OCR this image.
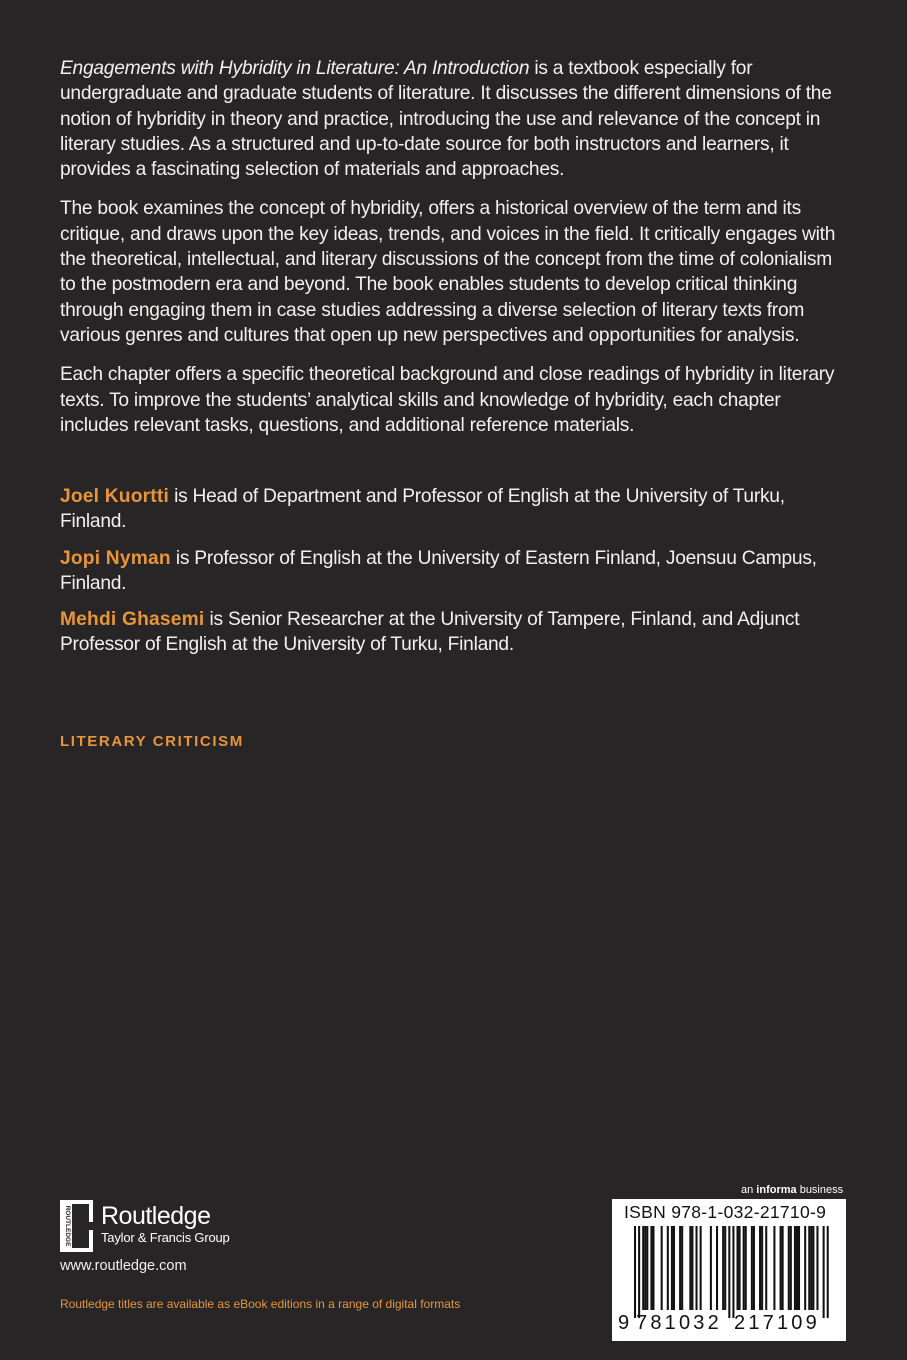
Engagements with Hybridity in Literature: An Introduction is a textbook especially for undergraduate and graduate students of literature. It discusses the different dimensions of the notion of hybridity in theory and practice, introducing the use and relevance of the concept in literary studies. As a structured and up-to-date source for both instructors and learners, it provides a fascinating selection of materials and approaches.

The book examines the concept of hybridity, offers a historical overview of the term and its critique, and draws upon the key ideas, trends, and voices in the field. It critically engages with the theoretical, intellectual, and literary discussions of the concept from the time of colonialism to the postmodern era and beyond. The book enables students to develop critical thinking through engaging them in case studies addressing a diverse selection of literary texts from various genres and cultures that open up new perspectives and opportunities for analysis.

Each chapter offers a specific theoretical background and close readings of hybridity in literary texts. To improve the students’ analytical skills and knowledge of hybridity, each chapter includes relevant tasks, questions, and additional reference materials.

Joel Kuortti is Head of Department and Professor of English at the University of Turku, Finland.

Jopi Nyman is Professor of English at the University of Eastern Finland, Joensuu Campus, Finland.

Mehdi Ghasemi is Senior Researcher at the University of Tampere, Finland, and Adjunct Professor of English at the University of Turku, Finland.

LITERARY CRITICISM
ROUTLEDGE Routledge
Taylor & Francis Group
www.routledge.com
Routledge titles are available as eBook editions in a range of digital formats
an informa business
ISBN 978-1-032-21710-9
9 781032 217109
